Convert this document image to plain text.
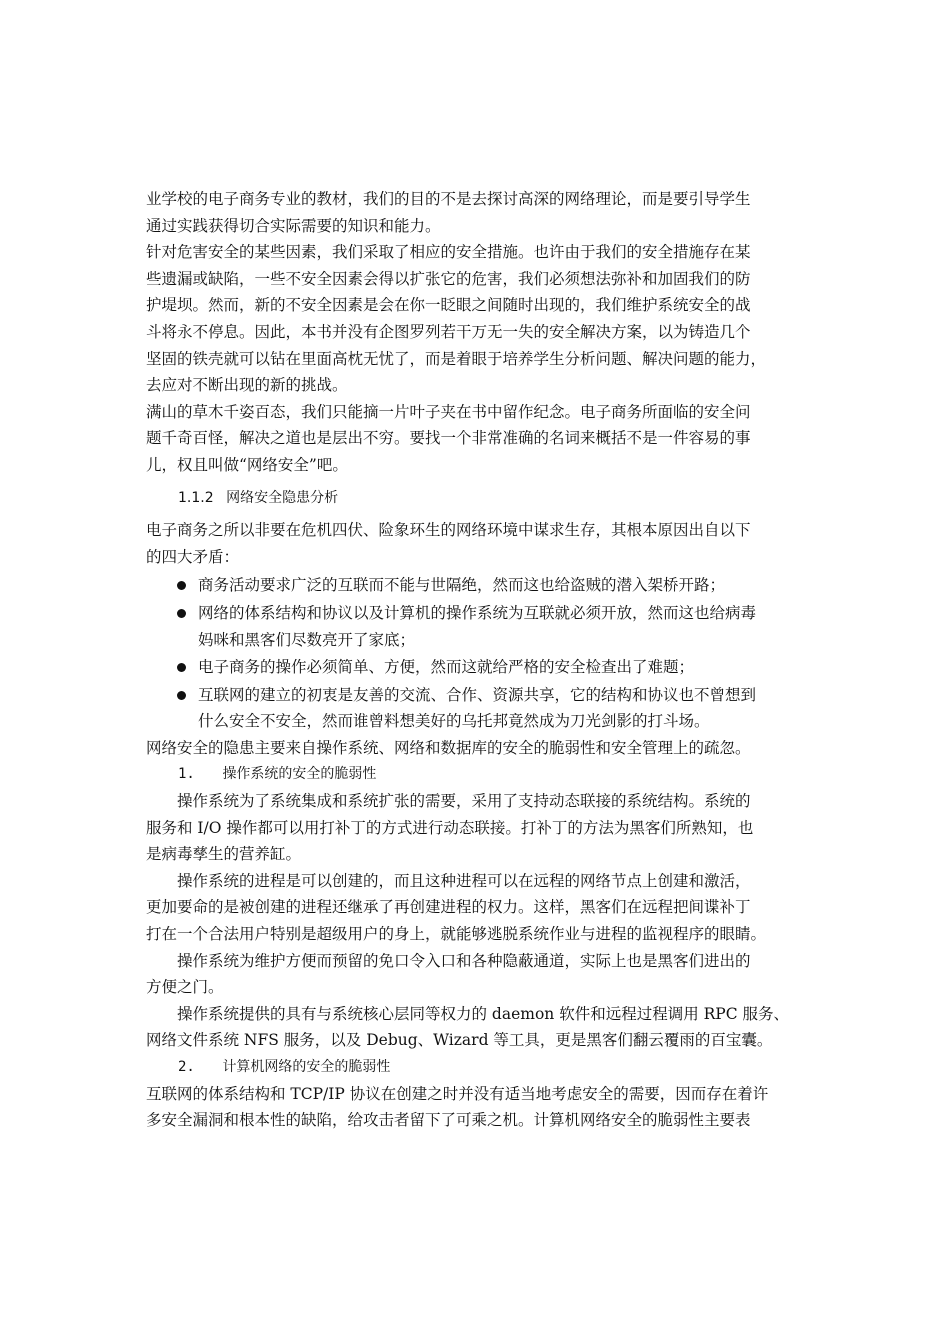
业学校的电子商务专业的教材，我们的目的不是去探讨高深的网络理论，而是要引导学生
通过实践获得切合实际需要的知识和能力。
针对危害安全的某些因素，我们采取了相应的安全措施。也许由于我们的安全措施存在某
些遗漏或缺陷，一些不安全因素会得以扩张它的危害，我们必须想法弥补和加固我们的防
护堤坝。然而，新的不安全因素是会在你一眨眼之间随时出现的，我们维护系统安全的战
斗将永不停息。因此，本书并没有企图罗列若干万无一失的安全解决方案，以为铸造几个
坚固的铁壳就可以钻在里面高枕无忧了，而是着眼于培养学生分析问题、解决问题的能力，
去应对不断出现的新的挑战。
满山的草木千姿百态，我们只能摘一片叶子夹在书中留作纪念。电子商务所面临的安全问
题千奇百怪，解决之道也是层出不穷。要找一个非常准确的名词来概括不是一件容易的事
儿，权且叫做“网络安全”吧。

1.1.2 网络安全隐患分析

电子商务之所以非要在危机四伏、险象环生的网络环境中谋求生存，其根本原因出自以下
的四大矛盾：
商务活动要求广泛的互联而不能与世隔绝，然而这也给盗贼的潜入架桥开路；
网络的体系结构和协议以及计算机的操作系统为互联就必须开放，然而这也给病毒
妈咪和黑客们尽数亮开了家底；
电子商务的操作必须简单、方便，然而这就给严格的安全检查出了难题；
互联网的建立的初衷是友善的交流、合作、资源共享，它的结构和协议也不曾想到
什么安全不安全，然而谁曾料想美好的乌托邦竟然成为刀光剑影的打斗场。

网络安全的隐患主要来自操作系统、网络和数据库的安全的脆弱性和安全管理上的疏忽。

1. 操作系统的安全的脆弱性

操作系统为了系统集成和系统扩张的需要，采用了支持动态联接的系统结构。系统的
服务和 I/O 操作都可以用打补丁的方式进行动态联接。打补丁的方法为黑客们所熟知，也
是病毒孳生的营养缸。
操作系统的进程是可以创建的，而且这种进程可以在远程的网络节点上创建和激活，
更加要命的是被创建的进程还继承了再创建进程的权力。这样，黑客们在远程把间谍补丁
打在一个合法用户特别是超级用户的身上，就能够逃脱系统作业与进程的监视程序的眼睛。
操作系统为维护方便而预留的免口令入口和各种隐蔽通道，实际上也是黑客们进出的
方便之门。
操作系统提供的具有与系统核心层同等权力的 daemon 软件和远程过程调用 RPC 服务、
网络文件系统 NFS 服务，以及 Debug、Wizard 等工具，更是黑客们翻云覆雨的百宝囊。

2. 计算机网络的安全的脆弱性

互联网的体系结构和 TCP/IP 协议在创建之时并没有适当地考虑安全的需要，因而存在着许
多安全漏洞和根本性的缺陷，给攻击者留下了可乘之机。计算机网络安全的脆弱性主要表
